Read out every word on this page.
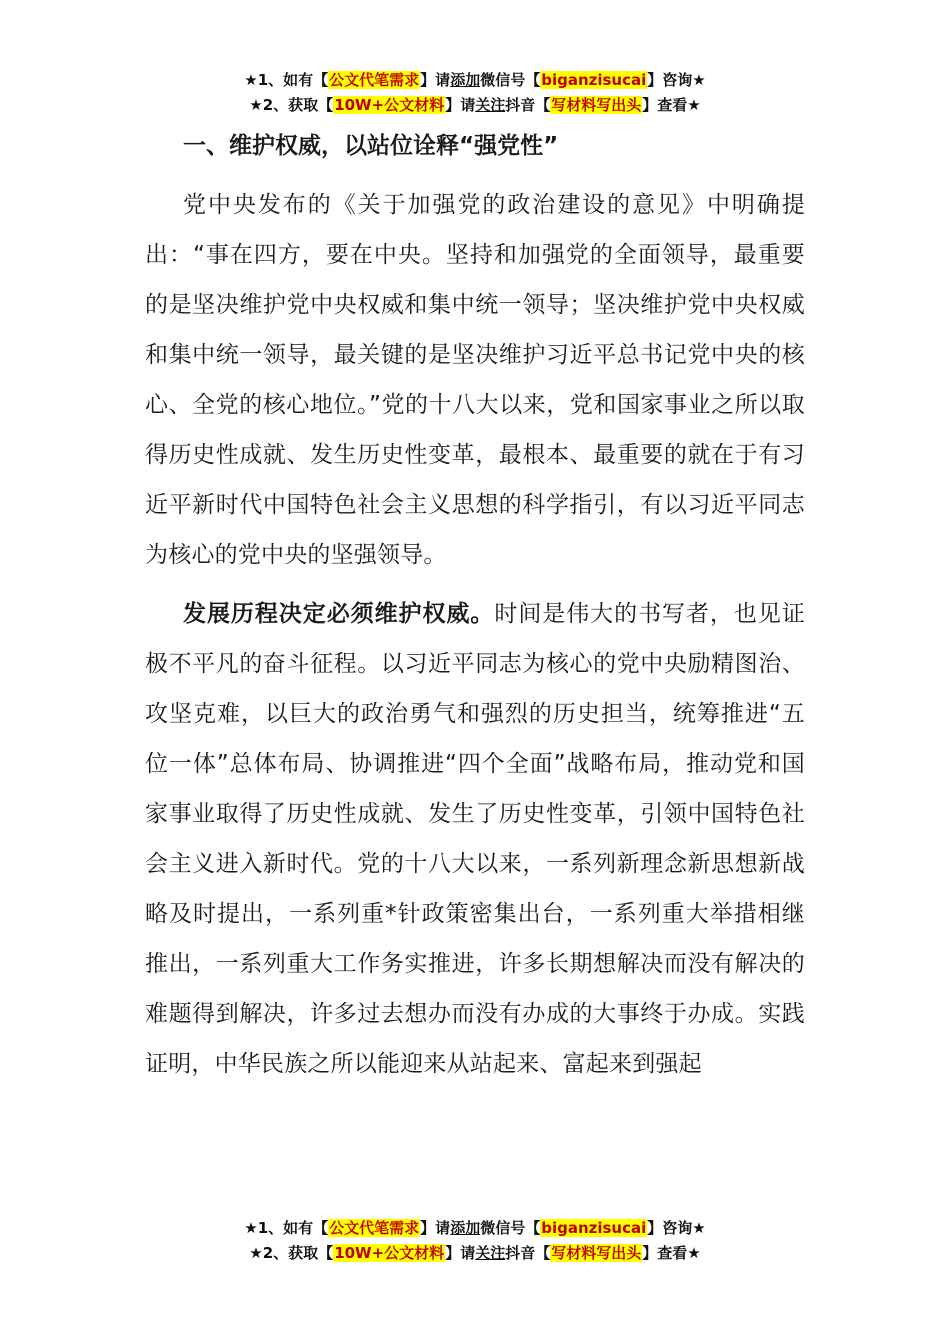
★1、如有【公文代笔需求】请添加微信号【biganzisucai】咨询★
★2、获取【10W+公文材料】请关注抖音【写材料写出头】查看★
一、维护权威，以站位诠释“强党性”

党中央发布的《关于加强党的政治建设的意见》中明确提出：“事在四方，要在中央。坚持和加强党的全面领导，最重要的是坚决维护党中央权威和集中统一领导；坚决维护党中央权威和集中统一领导，最关键的是坚决维护习近平总书记党中央的核心、全党的核心地位。”党的十八大以来，党和国家事业之所以取得历史性成就、发生历史性变革，最根本、最重要的就在于有习近平新时代中国特色社会主义思想的科学指引，有以习近平同志为核心的党中央的坚强领导。

发展历程决定必须维护权威。时间是伟大的书写者，也见证极不平凡的奋斗征程。以习近平同志为核心的党中央励精图治、攻坚克难，以巨大的政治勇气和强烈的历史担当，统筹推进“五位一体”总体布局、协调推进“四个全面”战略布局，推动党和国家事业取得了历史性成就、发生了历史性变革，引领中国特色社会主义进入新时代。党的十八大以来，一系列新理念新思想新战略及时提出，一系列重*针政策密集出台，一系列重大举措相继推出，一系列重大工作务实推进，许多长期想解决而没有解决的难题得到解决，许多过去想办而没有办成的大事终于办成。实践证明，中华民族之所以能迎来从站起来、富起来到强起

★1、如有【公文代笔需求】请添加微信号【biganzisucai】咨询★
★2、获取【10W+公文材料】请关注抖音【写材料写出头】查看★
